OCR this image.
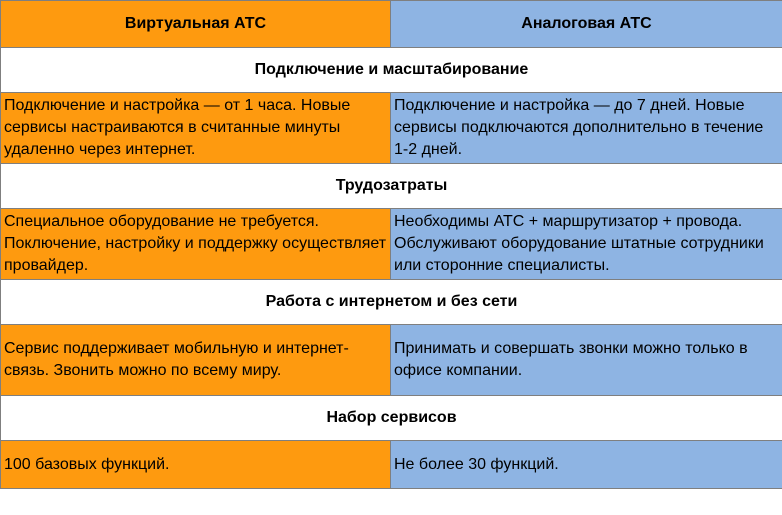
Виртуальная АТС	Аналоговая АТС
Подключение и масштабирование	
Подключение и настройка — от 1 часа. Новые сервисы настраиваются в считанные минуты удаленно через интернет.	Подключение и настройка — до 7 дней. Новые сервисы подключаются дополнительно в течение 1-2 дней.
Трудозатраты	
Специальное оборудование не требуется. Пoключение, настройку и поддержку осуществляет провайдер.	Необходимы АТС + маршрутизатор + провода. Обслуживают оборудование штатные сотрудники или сторонние специалисты.
Работа с интернетом и без сети	
Сервис поддерживает мобильную и интернет-связь. Звонить можно по всему миру.	Принимать и совершать звонки можно только в офисе компании.
Набор сервисов	
100 базовых функций.	Не более 30 функций.
